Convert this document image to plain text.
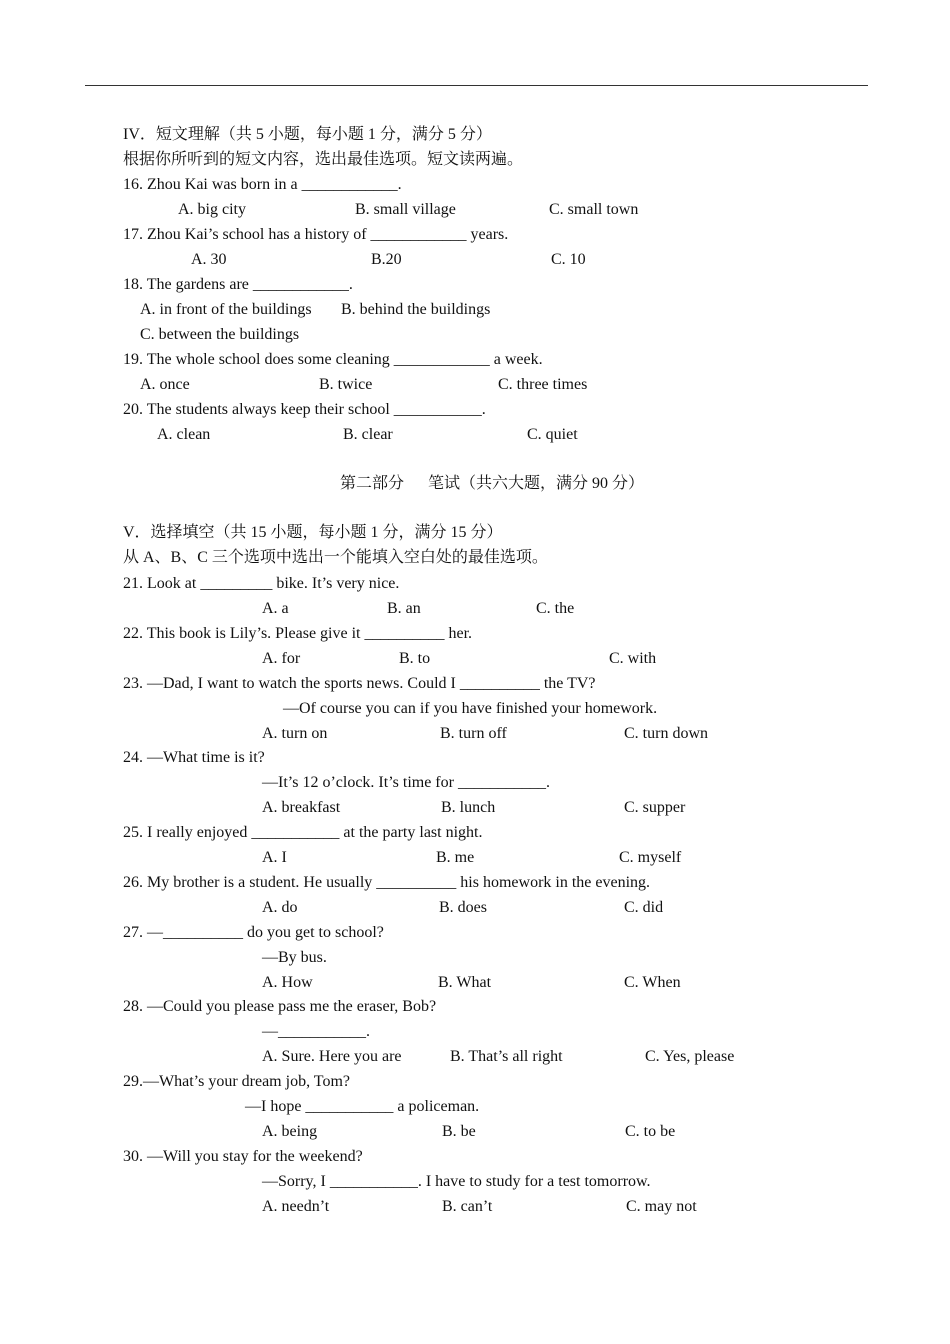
IV．短文理解（共 5 小题，每小题 1 分，满分 5 分）
根据你所听到的短文内容，选出最佳选项。短文读两遍。
16. Zhou Kai was born in a ____________.
A. big city	B. small village	C. small town
17. Zhou Kai’s school has a history of ____________ years.
A. 30	B.20	C. 10
18. The gardens are ____________.
A. in front of the buildings B. behind the buildings
C. between the buildings
19. The whole school does some cleaning ____________ a week.
A. once	B. twice	C. three times
20. The students always keep their school ___________.
A. clean	B. clear	C. quiet
第二部分 笔试（共六大题，满分 90 分）
V．选择填空（共 15 小题，每小题 1 分，满分 15 分）
从 A、B、C 三个选项中选出一个能填入空白处的最佳选项。
21. Look at _________ bike. It’s very nice.
A. a	B. an	C. the
22. This book is Lily’s. Please give it __________ her.
A. for	B. to	C. with
23. —Dad, I want to watch the sports news. Could I __________ the TV?
—Of course you can if you have finished your homework.
A. turn on	B. turn off	C. turn down
24. —What time is it?
—It’s 12 o’clock. It’s time for ___________.
A. breakfast	B. lunch	C. supper
25. I really enjoyed ___________ at the party last night.
A. I	B. me	C. myself
26. My brother is a student. He usually __________ his homework in the evening.
A. do	B. does	C. did
27. —__________ do you get to school?
—By bus.
A. How	B. What	C. When
28. —Could you please pass me the eraser, Bob?
—___________.
A. Sure. Here you are	B. That’s all right	C. Yes, please
29.—What’s your dream job, Tom?
—I hope ___________ a policeman.
A. being	B. be	C. to be
30. —Will you stay for the weekend?
—Sorry, I ___________. I have to study for a test tomorrow.
A. needn’t	B. can’t	C. may not
